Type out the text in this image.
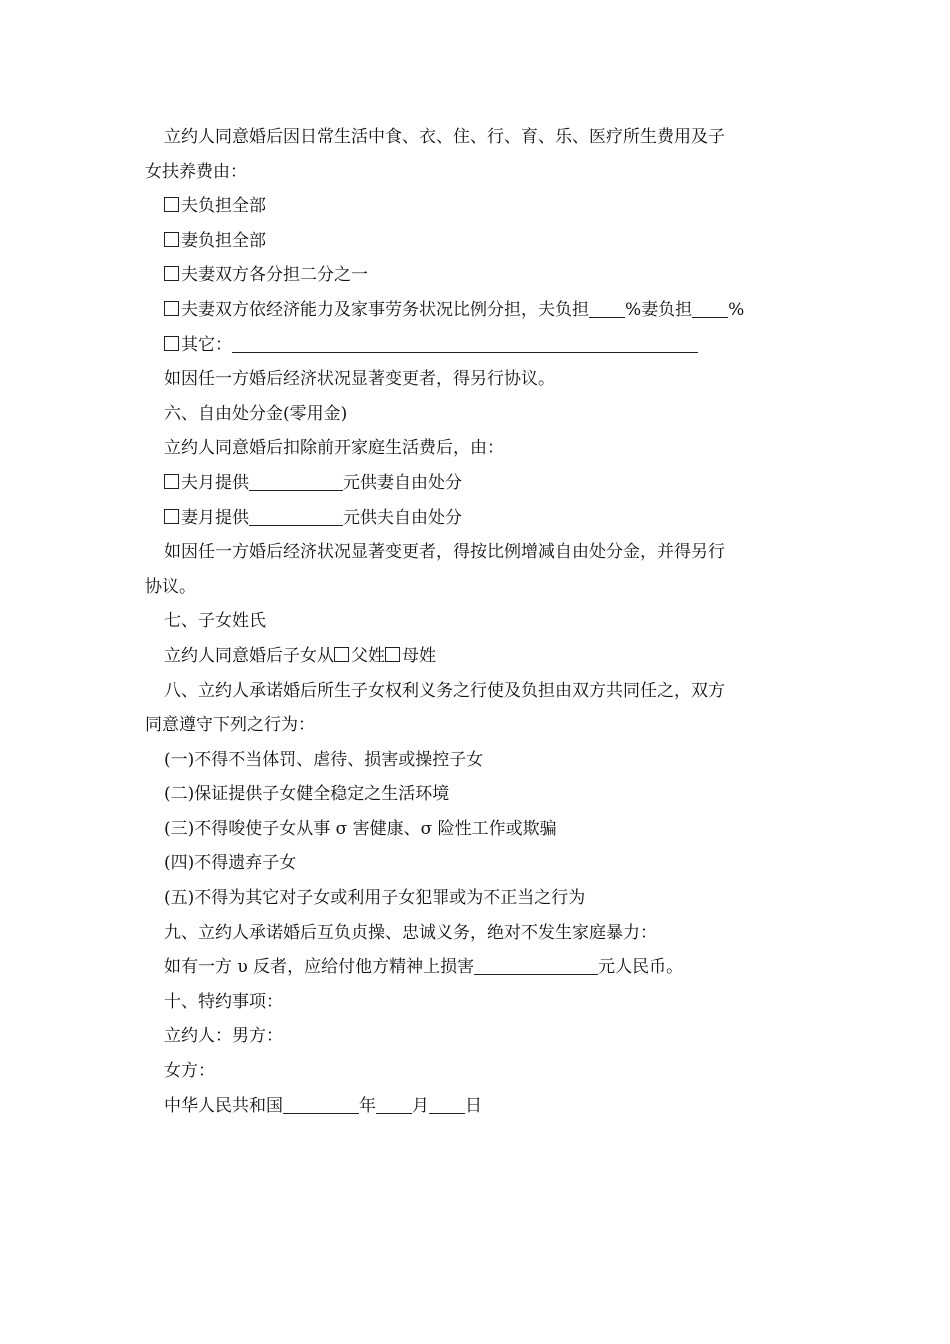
立约人同意婚后因日常生活中食、衣、住、行、育、乐、医疗所生费用及子

女扶养费由：

夫负担全部

妻负担全部

夫妻双方各分担二分之一

夫妻双方依经济能力及家事劳务状况比例分担，夫负担 %妻负担 %

其它：

如因任一方婚后经济状况显著变更者，得另行协议。

六、自由处分金(零用金)

立约人同意婚后扣除前开家庭生活费后，由：

夫月提供	元供妻自由处分

妻月提供	元供夫自由处分

如因任一方婚后经济状况显著变更者，得按比例增减自由处分金，并得另行

协议。

七、子女姓氏

立约人同意婚后子女从 父姓 母姓

八、立约人承诺婚后所生子女权利义务之行使及负担由双方共同任之，双方

同意遵守下列之行为：

(一)不得不当体罚、虐待、损害或操控子女

(二)保证提供子女健全稳定之生活环境

(三)不得唆使子女从事 σ 害健康、σ 险性工作或欺骗

(四)不得遗弃子女

(五)不得为其它对子女或利用子女犯罪或为不正当之行为

九、立约人承诺婚后互负贞操、忠诚义务，绝对不发生家庭暴力：

如有一方 υ 反者，应给付他方精神上损害	元人民币。

十、特约事项：

立约人：男方：

女方：

中华人民共和国	年 月 日
